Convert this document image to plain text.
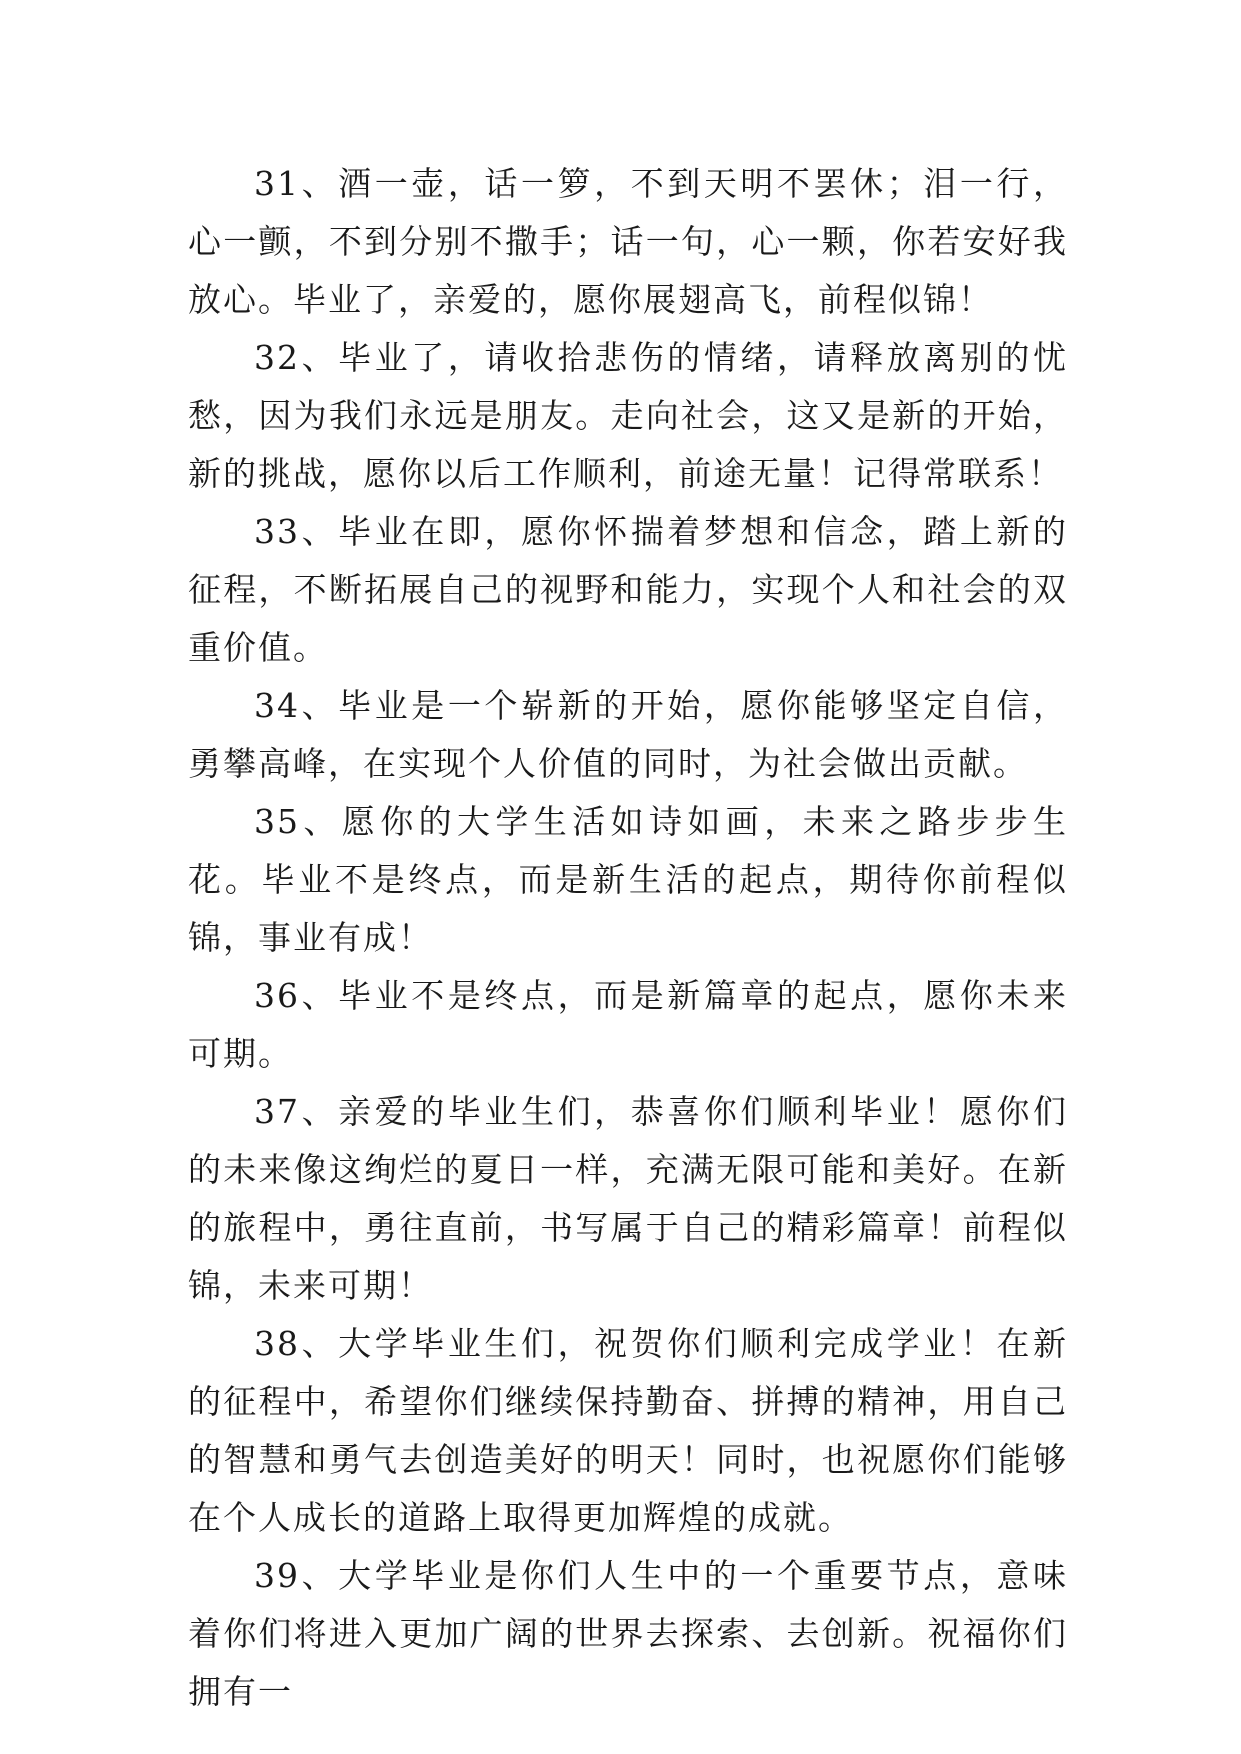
31、酒一壶，话一箩，不到天明不罢休；泪一行，心一颤，不到分别不撒手；话一句，心一颗，你若安好我放心。毕业了，亲爱的，愿你展翅高飞，前程似锦！

32、毕业了，请收拾悲伤的情绪，请释放离别的忧愁，因为我们永远是朋友。走向社会，这又是新的开始，新的挑战，愿你以后工作顺利，前途无量！记得常联系！

33、毕业在即，愿你怀揣着梦想和信念，踏上新的征程，不断拓展自己的视野和能力，实现个人和社会的双重价值。

34、毕业是一个崭新的开始，愿你能够坚定自信，勇攀高峰，在实现个人价值的同时，为社会做出贡献。

35、愿你的大学生活如诗如画，未来之路步步生花。毕业不是终点，而是新生活的起点，期待你前程似锦，事业有成！

36、毕业不是终点，而是新篇章的起点，愿你未来可期。

37、亲爱的毕业生们，恭喜你们顺利毕业！愿你们的未来像这绚烂的夏日一样，充满无限可能和美好。在新的旅程中，勇往直前，书写属于自己的精彩篇章！前程似锦，未来可期！

38、大学毕业生们，祝贺你们顺利完成学业！在新的征程中，希望你们继续保持勤奋、拼搏的精神，用自己的智慧和勇气去创造美好的明天！同时，也祝愿你们能够在个人成长的道路上取得更加辉煌的成就。

39、大学毕业是你们人生中的一个重要节点，意味着你们将进入更加广阔的世界去探索、去创新。祝福你们拥有一
